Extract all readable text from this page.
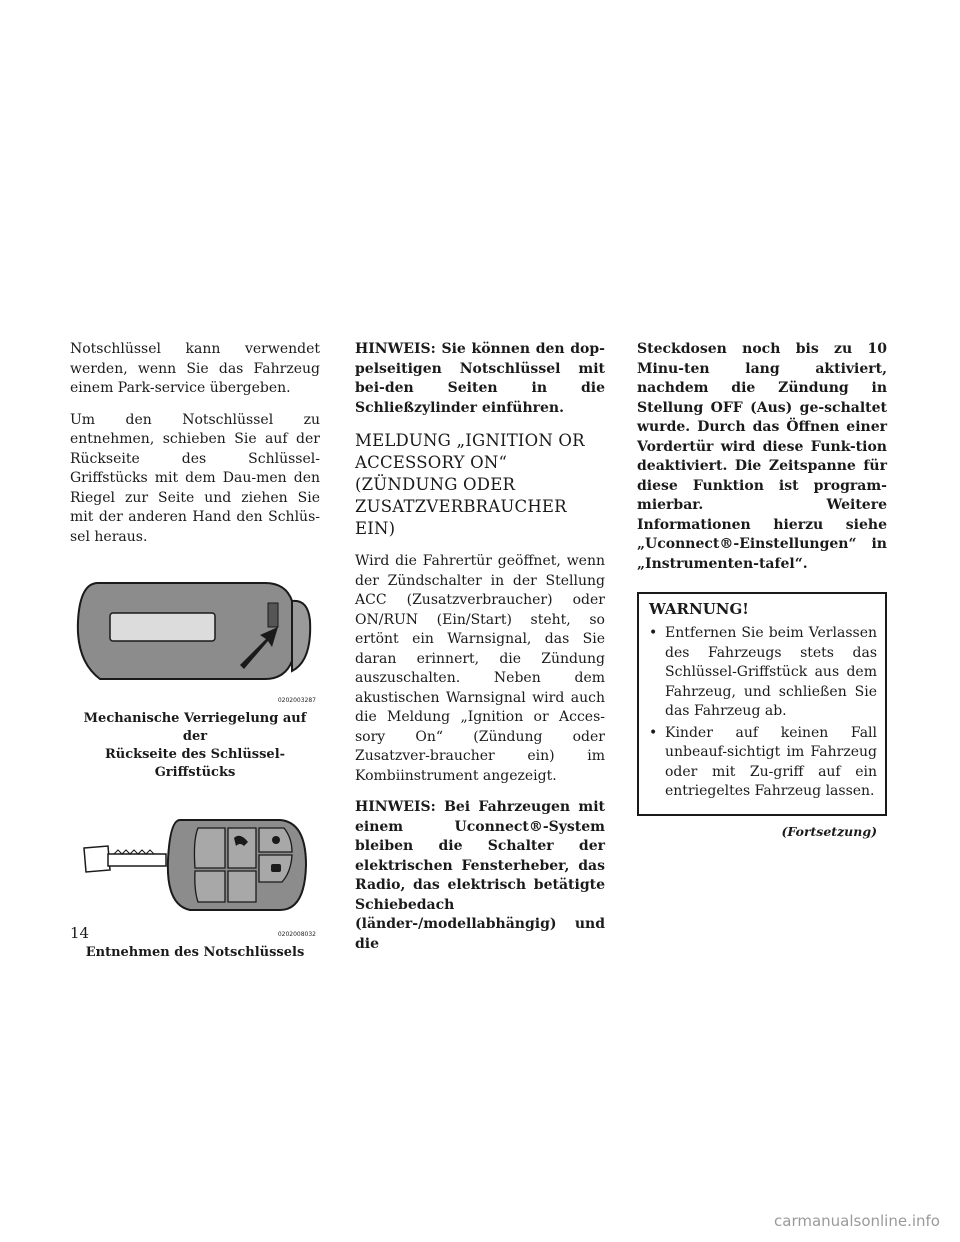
Notschlüssel kann verwendet werden, wenn Sie das Fahrzeug einem Park-service übergeben.

Um den Notschlüssel zu entnehmen, schieben Sie auf der Rückseite des Schlüssel-Griffstücks mit dem Dau-men den Riegel zur Seite und ziehen Sie mit der anderen Hand den Schlüs-sel heraus.

0202003287
Mechanische Verriegelung auf der
Rückseite des Schlüssel-Griffstücks
0202008032
Entnehmen des Notschlüssels

HINWEIS: Sie können den dop-pelseitigen Notschlüssel mit bei-den Seiten in die Schließzylinder einführen.

MELDUNG „IGNITION OR ACCESSORY ON“ (ZÜNDUNG ODER ZUSATZVERBRAUCHER EIN)

Wird die Fahrertür geöffnet, wenn der Zündschalter in der Stellung ACC (Zusatzverbraucher) oder ON/RUN (Ein/Start) steht, so ertönt ein Warnsignal, das Sie daran erinnert, die Zündung auszuschalten. Neben dem akustischen Warnsignal wird auch die Meldung „Ignition or Acces-sory On“ (Zündung oder Zusatzver-braucher ein) im Kombiinstrument angezeigt.

HINWEIS: Bei Fahrzeugen mit einem Uconnect®-System bleiben die Schalter der elektrischen Fensterheber, das Radio, das elektrisch betätigte Schiebedach (länder-/modellabhängig) und die

Steckdosen noch bis zu 10 Minu-ten lang aktiviert, nachdem die Zündung in Stellung OFF (Aus) ge-schaltet wurde. Durch das Öffnen einer Vordertür wird diese Funk-tion deaktiviert. Die Zeitspanne für diese Funktion ist program-mierbar. Weitere Informationen hierzu siehe „Uconnect®-Einstellungen“ in „Instrumenten-tafel“.

WARNUNG!
• Entfernen Sie beim Verlassen des Fahrzeugs stets das Schlüssel-Griffstück aus dem Fahrzeug, und schließen Sie das Fahrzeug ab.
• Kinder auf keinen Fall unbeauf-sichtigt im Fahrzeug oder mit Zu-griff auf ein entriegeltes Fahrzeug lassen.
(Fortsetzung)
14
carmanualsonline.info
